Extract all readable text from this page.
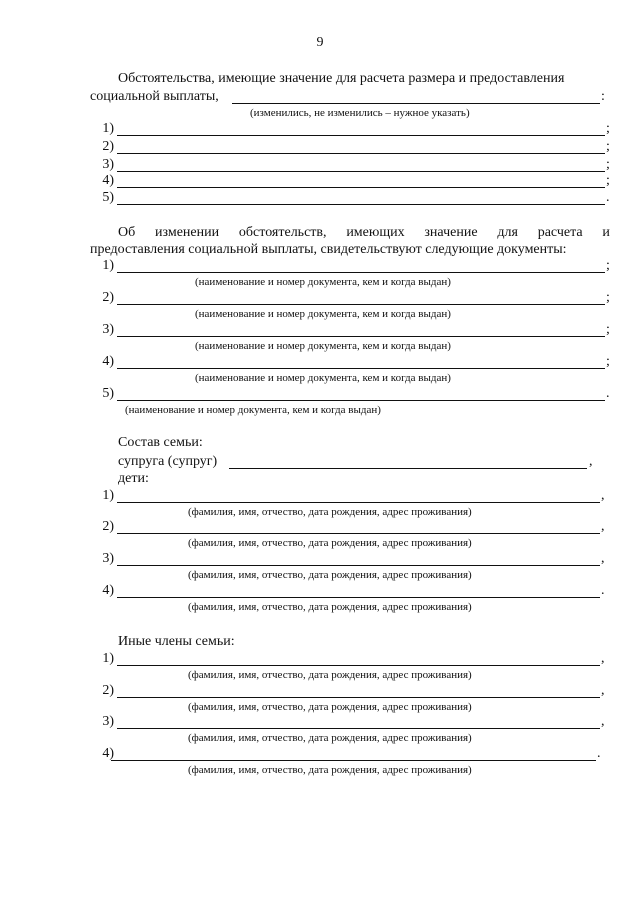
9
Обстоятельства, имеющие значение для расчета размера и предоставления
социальной выплаты,	:
(изменились, не изменились – нужное указать)
1)	;
2)	;
3)	;
4)	;
5)	.
Об изменении обстоятельств, имеющих значение для расчета и
предоставления социальной выплаты, свидетельствуют следующие документы:
1)	;
(наименование и номер документа, кем и когда выдан)
2)	;
(наименование и номер документа, кем и когда выдан)
3)	;
(наименование и номер документа, кем и когда выдан)
4)	;
(наименование и номер документа, кем и когда выдан)
5)	.
(наименование и номер документа, кем и когда выдан)
Состав семьи:
супруга (супруг)	,
дети:
1)	,
(фамилия, имя, отчество, дата рождения, адрес проживания)
2)	,
(фамилия, имя, отчество, дата рождения, адрес проживания)
3)	,
(фамилия, имя, отчество, дата рождения, адрес проживания)
4)	.
(фамилия, имя, отчество, дата рождения, адрес проживания)
Иные члены семьи:
1)	,
(фамилия, имя, отчество, дата рождения, адрес проживания)
2)	,
(фамилия, имя, отчество, дата рождения, адрес проживания)
3)	,
(фамилия, имя, отчество, дата рождения, адрес проживания)
4)	.
(фамилия, имя, отчество, дата рождения, адрес проживания)
